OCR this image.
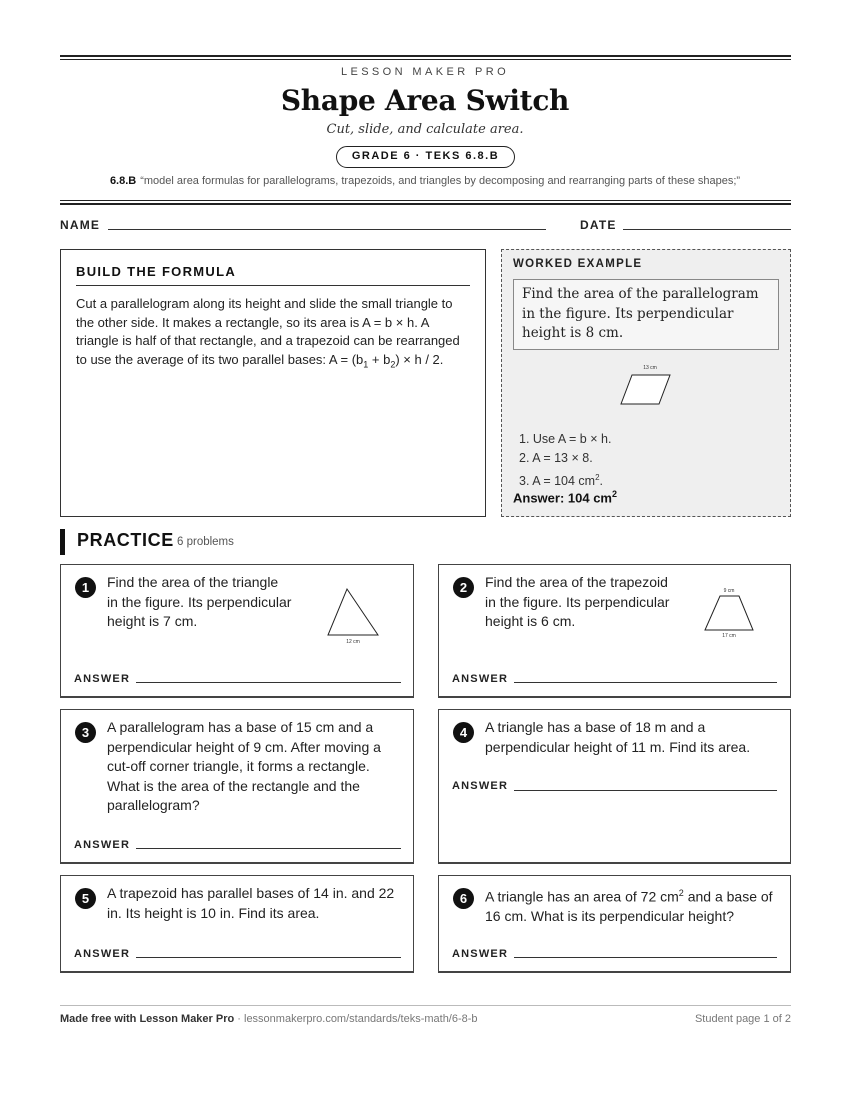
LESSON MAKER PRO
Shape Area Switch
Cut, slide, and calculate area.
GRADE 6 · TEKS 6.8.B
6.8.B “model area formulas for parallelograms, trapezoids, and triangles by decomposing and rearranging parts of these shapes;”
NAME	DATE
BUILD THE FORMULA
Cut a parallelogram along its height and slide the small triangle to the other side. It makes a rectangle, so its area is A = b × h. A triangle is half of that rectangle, and a trapezoid can be rearranged to use the average of its two parallel bases: $A = (b_1 + b_2) \times h / 2$.
WORKED EXAMPLE
Find the area of the parallelogram in the figure. Its perpendicular height is 8 cm.
13 cm
1. Use A = b × h.
2. A = 13 × 8.
3. A = 104 $cm^2$.
Answer: 104 $cm^2$
PRACTICE 6 problems
1	Find the area of the triangle in the figure. Its perpendicular height is 7 cm.
12 cm
ANSWER
2	Find the area of the trapezoid in the figure. Its perpendicular height is 6 cm.
9 cm
17 cm
ANSWER
3	A parallelogram has a base of 15 cm and a perpendicular height of 9 cm. After moving a cut-off corner triangle, it forms a rectangle. What is the area of the rectangle and the parallelogram?
ANSWER
4	A triangle has a base of 18 m and a perpendicular height of 11 m. Find its area.
ANSWER
5	A trapezoid has parallel bases of 14 in. and 22 in. Its height is 10 in. Find its area.
ANSWER
6	A triangle has an area of 72 $cm^2$ and a base of 16 cm. What is its perpendicular height?
ANSWER
Made free with Lesson Maker Pro · lessonmakerpro.com/standards/teks-math/6-8-b	Student page 1 of 2
